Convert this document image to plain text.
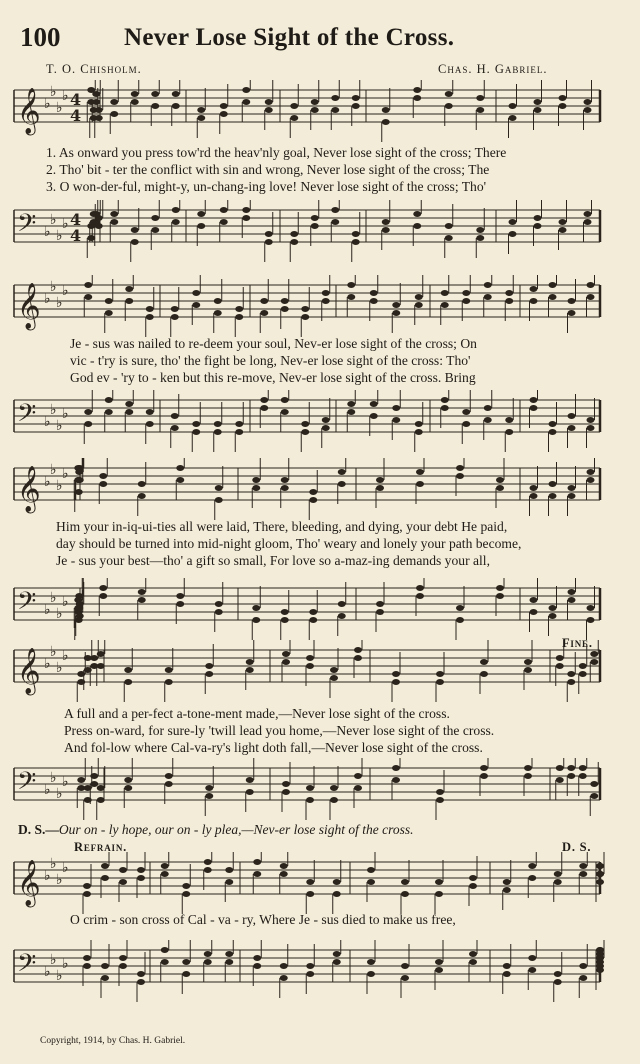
100	Never Lose Sight of the Cross.
T. O. Chisholm.	Chas. H. Gabriel.
𝄞 ♭
♭
♭
♭ 4
4
𝄢 ♭
♭
♭
♭ 4
4
𝄞 ♭
♭
♭
♭
𝄢 ♭
♭
♭
♭
𝄞 ♭
♭
♭
♭
𝄢 ♭
♭
♭
♭
𝄞 ♭
♭
♭
♭
𝄢 ♭
♭
♭
♭
𝄞 ♭
♭
♭
♭
𝄢 ♭
♭
♭
♭
1. As onward you press tow'rd the heav'nly goal, Never lose sight of the cross; There
2. Tho' bit - ter the conflict with sin and wrong, Never lose sight of the cross; The
3. O won-der-ful, might-y, un-chang-ing love! Never lose sight of the cross; Tho'
Je - sus was nailed to re-deem your soul, Nev-er lose sight of the cross; On
vic - t'ry is sure, tho' the fight be long, Nev-er lose sight of the cross: Tho'
God ev - 'ry to - ken but this re-move, Nev-er lose sight of the cross. Bring
Him your in-iq-ui-ties all were laid, There, bleeding, and dying, your debt He paid,
day should be turned into mid-night gloom, Tho' weary and lonely your path become,
Je - sus your best—tho' a gift so small, For love so a-maz-ing demands your all,
Fine.
A full and a per-fect a-tone-ment made,—Never lose sight of the cross.
Press on-ward, for sure-ly 'twill lead you home,—Never lose sight of the cross.
And fol-low where Cal-va-ry's light doth fall,—Never lose sight of the cross.
D. S.—Our on - ly hope, our on - ly plea,—Nev-er lose sight of the cross.
Refrain.	D. S.
O crim - son cross of Cal - va - ry, Where Je - sus died to make us free,
Copyright, 1914, by Chas. H. Gabriel.
